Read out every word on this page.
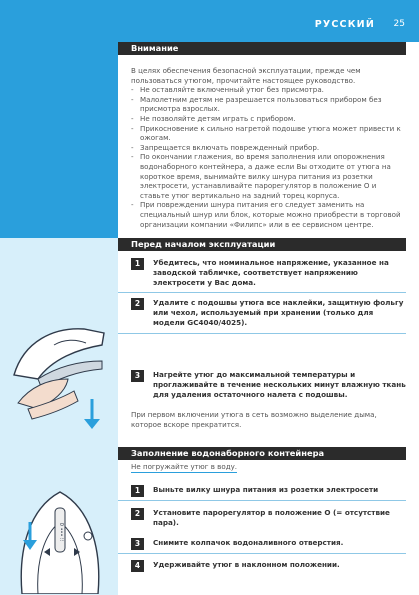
РУССКИЙ 25
Внимание

В целях обеспечения безопасной эксплуатации, прежде чем пользоваться утюгом, прочитайте настоящее руководство.

- Не оставляйте включенный утюг без присмотра.
- Малолетним детям не разрешается пользоваться прибором без присмотра взрослых.
- Не позволяйте детям играть с прибором.
- Прикосновение к сильно нагретой подошве утюга может привести к ожогам.
- Запрещается включать поврежденный прибор.
- По окончании глажения, во время заполнения или опорожнения водонаборного контейнера, а даже если Вы отходите от утюга на короткое время, вынимайте вилку шнура питания из розетки электросети, устанавливайте парорегулятор в положение O и ставьте утюг вертикально на задний торец корпуса.
- При повреждении шнура питания его следует заменить на специальный шнур или блок, которые можно приобрести в торговой организации компании «Филипс» или в ее сервисном центре.
Перед началом эксплуатации
1	Убедитесь, что номинальное напряжение, указанное на заводской табличке, соответствует напряжению электросети у Вас дома.
2	Удалите с подошвы утюга все наклейки, защитную фольгу или чехол, используемый при хранении (только для модели GC4040/4025).
3	Нагрейте утюг до максимальной температуры и проглаживайте в течение нескольких минут влажную ткань для удаления остаточного налета с подошвы.
При первом включении утюга в сеть возможно выделение дыма, которое вскоре прекратится.
Заполнение водонаборного контейнера
Не погружайте утюг в воду.
1	Выньте вилку шнура питания из розетки электросети
2	Установите парорегулятор в положение O (= отсутствие пара).
3	Снимите колпачок водоналивного отверстия.
4	Удерживайте утюг в наклонном положении.
0 ••• ⁝⁝
